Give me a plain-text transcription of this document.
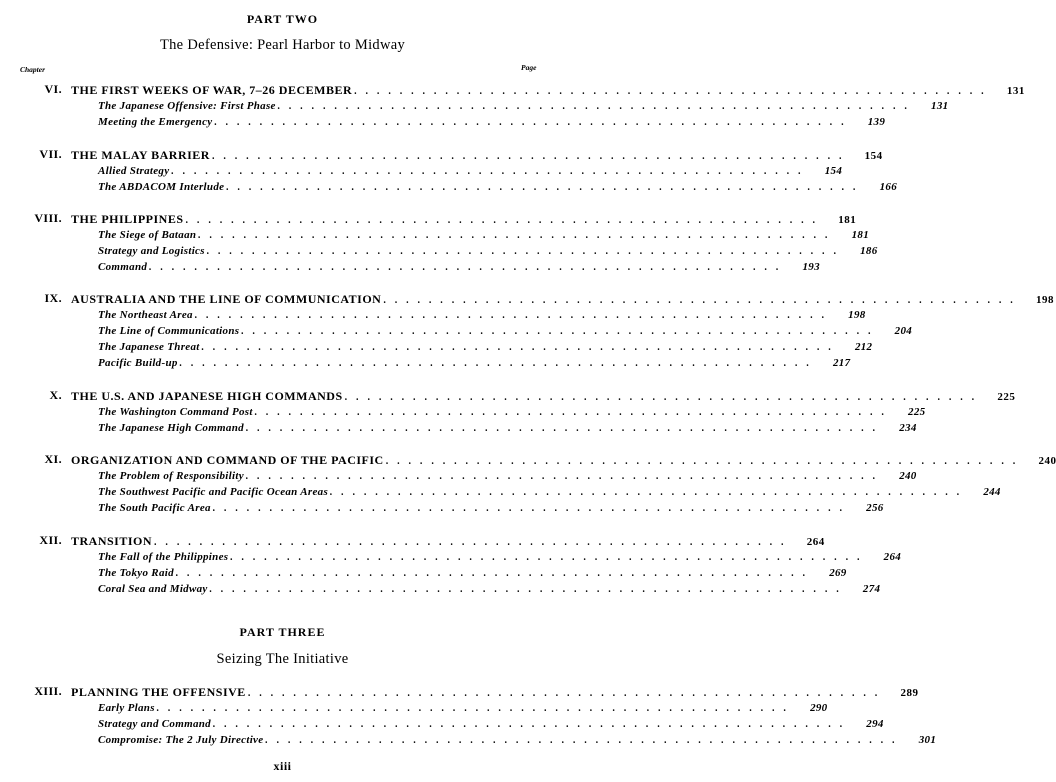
PART TWO
The Defensive: Pearl Harbor to Midway
Chapter	Page
VI. THE FIRST WEEKS OF WAR, 7–26 DECEMBER . . . . . . . . . . . . . . . . . . . . . . . . . . . . . . . . . . . . . . . . . . . . . . . . . . . . . . . .	131
The Japanese Offensive: First Phase . . . . . . . . . . . . . . . . . . . . . . . . . . . . . . . . . . . . . . . . . . . . . . . . . . . . . . . .	131
Meeting the Emergency . . . . . . . . . . . . . . . . . . . . . . . . . . . . . . . . . . . . . . . . . . . . . . . . . . . . . . . .	139
VII. THE MALAY BARRIER . . . . . . . . . . . . . . . . . . . . . . . . . . . . . . . . . . . . . . . . . . . . . . . . . . . . . . . .	154
Allied Strategy . . . . . . . . . . . . . . . . . . . . . . . . . . . . . . . . . . . . . . . . . . . . . . . . . . . . . . . .	154
The ABDACOM Interlude . . . . . . . . . . . . . . . . . . . . . . . . . . . . . . . . . . . . . . . . . . . . . . . . . . . . . . . .	166
VIII. THE PHILIPPINES . . . . . . . . . . . . . . . . . . . . . . . . . . . . . . . . . . . . . . . . . . . . . . . . . . . . . . . .	181
The Siege of Bataan . . . . . . . . . . . . . . . . . . . . . . . . . . . . . . . . . . . . . . . . . . . . . . . . . . . . . . . .	181
Strategy and Logistics . . . . . . . . . . . . . . . . . . . . . . . . . . . . . . . . . . . . . . . . . . . . . . . . . . . . . . . .	186
Command . . . . . . . . . . . . . . . . . . . . . . . . . . . . . . . . . . . . . . . . . . . . . . . . . . . . . . . .	193
IX. AUSTRALIA AND THE LINE OF COMMUNICATION . . . . . . . . . . . . . . . . . . . . . . . . . . . . . . . . . . . . . . . . . . . . . . . . . . . . . . . .	198
The Northeast Area . . . . . . . . . . . . . . . . . . . . . . . . . . . . . . . . . . . . . . . . . . . . . . . . . . . . . . . .	198
The Line of Communications . . . . . . . . . . . . . . . . . . . . . . . . . . . . . . . . . . . . . . . . . . . . . . . . . . . . . . . .	204
The Japanese Threat . . . . . . . . . . . . . . . . . . . . . . . . . . . . . . . . . . . . . . . . . . . . . . . . . . . . . . . .	212
Pacific Build-up . . . . . . . . . . . . . . . . . . . . . . . . . . . . . . . . . . . . . . . . . . . . . . . . . . . . . . . .	217
X. THE U.S. AND JAPANESE HIGH COMMANDS . . . . . . . . . . . . . . . . . . . . . . . . . . . . . . . . . . . . . . . . . . . . . . . . . . . . . . . .	225
The Washington Command Post . . . . . . . . . . . . . . . . . . . . . . . . . . . . . . . . . . . . . . . . . . . . . . . . . . . . . . . .	225
The Japanese High Command . . . . . . . . . . . . . . . . . . . . . . . . . . . . . . . . . . . . . . . . . . . . . . . . . . . . . . . .	234
XI. ORGANIZATION AND COMMAND OF THE PACIFIC . . . . . . . . . . . . . . . . . . . . . . . . . . . . . . . . . . . . . . . . . . . . . . . . . . . . . . . .	240
The Problem of Responsibility . . . . . . . . . . . . . . . . . . . . . . . . . . . . . . . . . . . . . . . . . . . . . . . . . . . . . . . .	240
The Southwest Pacific and Pacific Ocean Areas . . . . . . . . . . . . . . . . . . . . . . . . . . . . . . . . . . . . . . . . . . . . . . . . . . . . . . . .	244
The South Pacific Area . . . . . . . . . . . . . . . . . . . . . . . . . . . . . . . . . . . . . . . . . . . . . . . . . . . . . . . .	256
XII. TRANSITION . . . . . . . . . . . . . . . . . . . . . . . . . . . . . . . . . . . . . . . . . . . . . . . . . . . . . . . .	264
The Fall of the Philippines . . . . . . . . . . . . . . . . . . . . . . . . . . . . . . . . . . . . . . . . . . . . . . . . . . . . . . . .	264
The Tokyo Raid . . . . . . . . . . . . . . . . . . . . . . . . . . . . . . . . . . . . . . . . . . . . . . . . . . . . . . . .	269
Coral Sea and Midway . . . . . . . . . . . . . . . . . . . . . . . . . . . . . . . . . . . . . . . . . . . . . . . . . . . . . . . .	274
PART THREE
Seizing The Initiative
XIII. PLANNING THE OFFENSIVE . . . . . . . . . . . . . . . . . . . . . . . . . . . . . . . . . . . . . . . . . . . . . . . . . . . . . . . .	289
Early Plans . . . . . . . . . . . . . . . . . . . . . . . . . . . . . . . . . . . . . . . . . . . . . . . . . . . . . . . .	290
Strategy and Command . . . . . . . . . . . . . . . . . . . . . . . . . . . . . . . . . . . . . . . . . . . . . . . . . . . . . . . .	294
Compromise: The 2 July Directive . . . . . . . . . . . . . . . . . . . . . . . . . . . . . . . . . . . . . . . . . . . . . . . . . . . . . . . .	301
xiii
